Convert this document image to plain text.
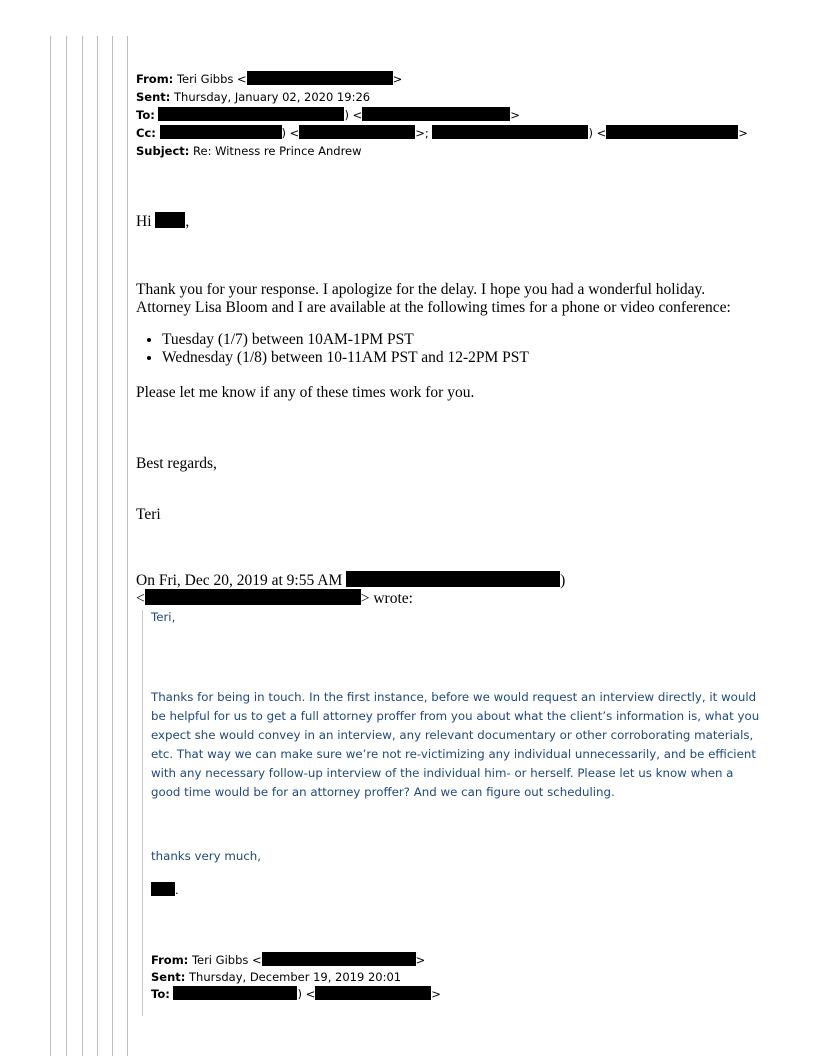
From: Teri Gibbs <	>
Sent: Thursday, January 02, 2020 19:26
To:	) <	>
Cc:	) <	>;	) <	>
Subject: Re: Witness re Prince Andrew
Hi ,
Thank you for your response. I apologize for the delay. I hope you had a wonderful holiday.
Attorney Lisa Bloom and I are available at the following times for a phone or video conference:
• Tuesday (1/7) between 10AM-1PM PST
• Wednesday (1/8) between 10-11AM PST and 12-2PM PST
Please let me know if any of these times work for you.
Best regards,
Teri
On Fri, Dec 20, 2019 at 9:55 AM	)
<	> wrote:
Teri,
Thanks for being in touch. In the first instance, before we would request an interview directly, it would
be helpful for us to get a full attorney proffer from you about what the client’s information is, what you
expect she would convey in an interview, any relevant documentary or other corroborating materials,
etc. That way we can make sure we’re not re-victimizing any individual unnecessarily, and be efficient
with any necessary follow-up interview of the individual him- or herself. Please let us know when a
good time would be for an attorney proffer? And we can figure out scheduling.
thanks very much,
.
From: Teri Gibbs <	>
Sent: Thursday, December 19, 2019 20:01
To:	) <	>
